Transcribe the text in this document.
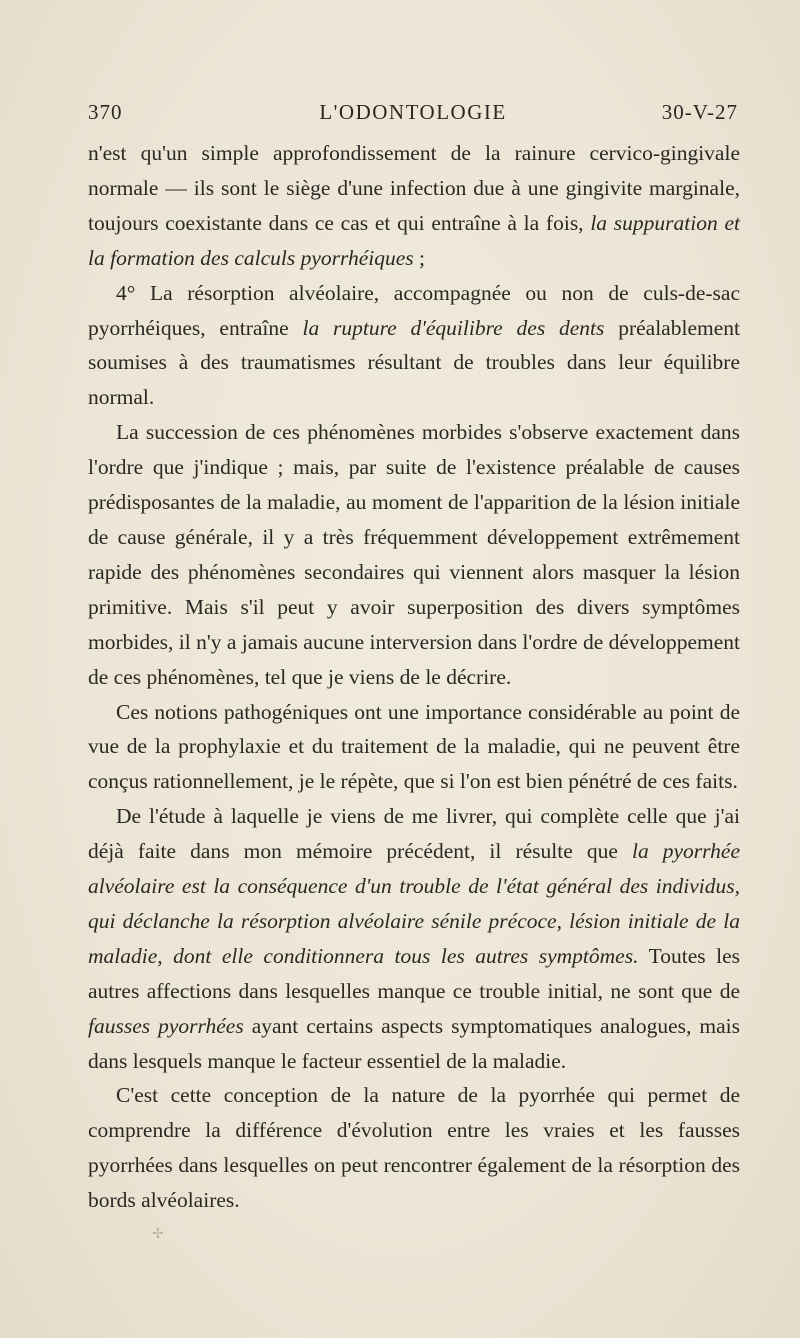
370	L'ODONTOLOGIE	30-V-27

n'est qu'un simple approfondissement de la rainure cervico-gingivale normale — ils sont le siège d'une infection due à une gingivite marginale, toujours coexistante dans ce cas et qui entraîne à la fois, la suppuration et la formation des calculs pyorrhéiques ;

4° La résorption alvéolaire, accompagnée ou non de culs-de-sac pyorrhéiques, entraîne la rupture d'équilibre des dents préalablement soumises à des traumatismes résultant de troubles dans leur équilibre normal.

La succession de ces phénomènes morbides s'observe exactement dans l'ordre que j'indique ; mais, par suite de l'existence préalable de causes prédisposantes de la maladie, au moment de l'apparition de la lésion initiale de cause générale, il y a très fréquemment développement extrêmement rapide des phénomènes secondaires qui viennent alors masquer la lésion primitive. Mais s'il peut y avoir superposition des divers symptômes morbides, il n'y a jamais aucune interversion dans l'ordre de développement de ces phénomènes, tel que je viens de le décrire.

Ces notions pathogéniques ont une importance considérable au point de vue de la prophylaxie et du traitement de la maladie, qui ne peuvent être conçus rationnellement, je le répète, que si l'on est bien pénétré de ces faits.

De l'étude à laquelle je viens de me livrer, qui complète celle que j'ai déjà faite dans mon mémoire précédent, il résulte que la pyorrhée alvéolaire est la conséquence d'un trouble de l'état général des individus, qui déclanche la résorption alvéolaire sénile précoce, lésion initiale de la maladie, dont elle conditionnera tous les autres symptômes. Toutes les autres affections dans lesquelles manque ce trouble initial, ne sont que de fausses pyorrhées ayant certains aspects symptomatiques analogues, mais dans lesquels manque le facteur essentiel de la maladie.

C'est cette conception de la nature de la pyorrhée qui permet de comprendre la différence d'évolution entre les vraies et les fausses pyorrhées dans lesquelles on peut rencontrer également de la résorption des bords alvéolaires.

✢
